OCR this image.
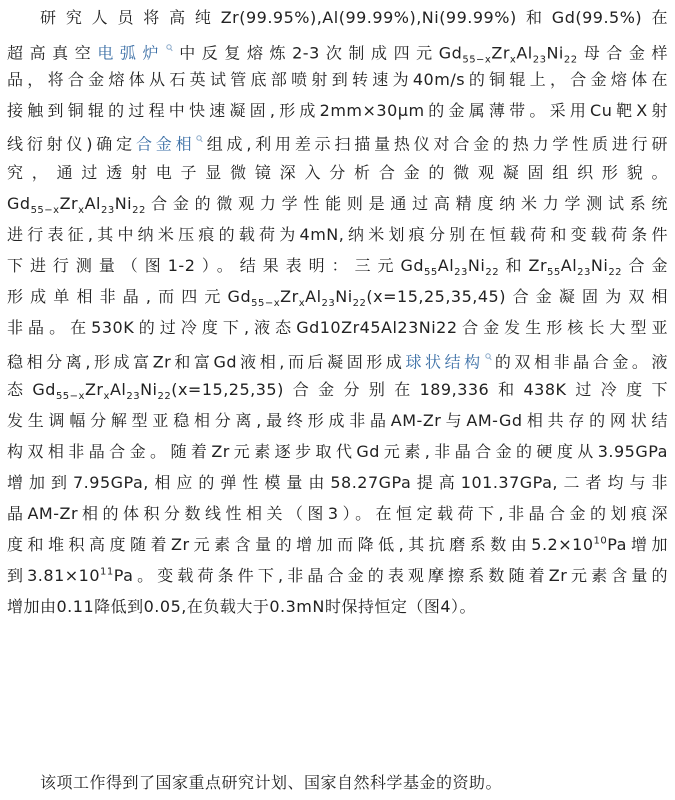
研究人员将高纯Zr(99.95%),Al(99.99%),Ni(99.99%)和Gd(99.5%)在
超高真空电弧炉 中反复熔炼2-3次制成四元$Gd_{55-x}Zr_xAl_{23}Ni_{22}$母合金样
品，将合金熔体从石英试管底部喷射到转速为40m/s的铜辊上，合金熔体在
接触到铜辊的过程中快速凝固,形成2mm×30μm的金属薄带。采用Cu靶X射
线衍射仪)确定合金相 组成,利用差示扫描量热仪对合金的热力学性质进行研
究，通过透射电子显微镜深入分析合金的微观凝固组织形貌。
$Gd_{55-x}Zr_xAl_{23}Ni_{22}$合金的微观力学性能则是通过高精度纳米力学测试系统
进行表征,其中纳米压痕的载荷为4mN,纳米划痕分别在恒载荷和变载荷条件
下进行测量（图1-2）。结果表明：三元$Gd_{55}Al_{23}Ni_{22}$和$Zr_{55}Al_{23}Ni_{22}$合金
形成单相非晶,而四元$Gd_{55-x}Zr_xAl_{23}Ni_{22}(x=15,25,35,45)$合金凝固为双相
非晶。在530K的过冷度下,液态Gd10Zr45Al23Ni22合金发生形核长大型亚
稳相分离,形成富Zr和富Gd液相,而后凝固形成球状结构 的双相非晶合金。液
态$Gd_{55-x}Zr_xAl_{23}Ni_{22}(x=15,25,35)$合金分别在189,336和438K过冷度下
发生调幅分解型亚稳相分离,最终形成非晶AM-Zr与AM-Gd相共存的网状结
构双相非晶合金。随着Zr元素逐步取代Gd元素,非晶合金的硬度从3.95GPa
增加到7.95GPa,相应的弹性模量由58.27GPa提高101.37GPa,二者均与非
晶AM-Zr相的体积分数线性相关（图3）。在恒定载荷下,非晶合金的划痕深
度和堆积高度随着Zr元素含量的增加而降低,其抗磨系数由$5.2\times 10^{10}Pa$增加
到$3.81\times 10^{11}Pa$。变载荷条件下,非晶合金的表观摩擦系数随着Zr元素含量的
增加由0.11降低到0.05,在负载大于0.3mN时保持恒定（图4）。
该项工作得到了国家重点研究计划、国家自然科学基金的资助。
